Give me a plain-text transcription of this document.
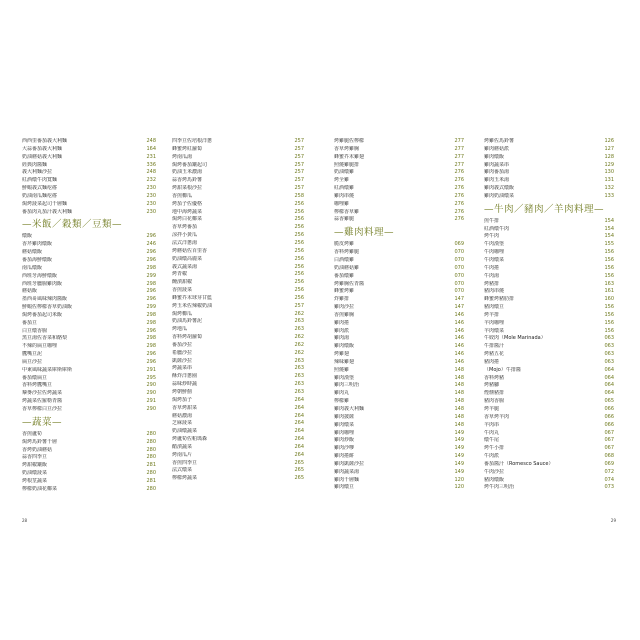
西西里番茄義大利麵	248
大蒜番茄義大利麵	164
奶油蘑菇義大利麵	231
經典肉醬麵	336
義大利麵沙拉	248
紅酒燉牛肉寬麵	232
鮮蝦義式麵疙瘩	230
奶油南瓜麵疙瘩	230
焗烤菠菜起司千層麵	230
番茄肉丸茄汁義大利麵	230
—米飯／穀類／豆類—
燉飯	296
香芹雞肉燉飯	246
蘑菇燉飯	296
番茄海鮮燉飯	296
南瓜燉飯	298
西班牙海鮮燉飯	299
西班牙臘腸雞肉飯	298
蘑菇飯	296
墨西哥風味辣肉醬飯	296
鮮蝦佐檸檬香草奶油飯	299
焗烤番茄起司米飯	298
番茄豆	298
白豆燉香腸	296
黑豆湯佐香菜和酪梨	298
不辣的扁豆咖哩	298
鷹嘴豆泥	296
扁豆沙拉	296
中東風味蔬菜庫斯庫斯	291
番茄燉扁豆	295
香料烤鷹嘴豆	290
藜麥沙拉佐烤蔬菜	290
烤蔬菜佐羅勒青醬	291
香草檸檬白豆沙拉	290
—蔬菜—
香煎蘆筍	280
焗烤馬鈴薯千層	280
香烤奶油蘑菇	280
蒜香四季豆	280
烤甜椒鑲飯	281
奶油燉菠菜	280
烤根莖蔬菜	281
檸檬奶油花椰菜	280
四季豆佐培根洋蔥	257
蜂蜜烤紅蘿蔔	257
烤南瓜湯	257
焗烤番茄鑲起司	257
奶油玉米濃湯	257
蒜香烤馬鈴薯	257
烤甜菜根沙拉	257
香煎櫛瓜	258
烤茄子佐優格	256
地中海烤蔬菜	256
焗烤白花椰菜	256
香草烤番茄	256
涼拌小黃瓜	256
法式洋蔥湯	256
烤蘑菇佐百里香	256
奶油燉高麗菜	256
義式蔬菜湯	256
烤青椒	256
醃漬甜椒	256
香煎菠菜	256
蜂蜜芥末球芽甘藍	256
烤玉米佐辣椒奶油	257
焗烤櫛瓜	262
奶油馬鈴薯泥	263
烤地瓜	263
香料烤胡蘿蔔	262
番茄沙拉	262
希臘沙拉	262
凱薩沙拉	263
烤蔬菜串	263
酥炸洋蔥圈	263
蒜味炒時蔬	263
烤朝鮮薊	263
焗烤茄子	264
香草烤甜菜	264
蘑菇濃湯	264
芝麻菠菜	264
奶油燉蔬菜	264
烤蘆筍佐帕瑪森	264
醋漬蔬菜	264
烤南瓜片	264
香煎四季豆	265
法式燉菜	265
檸檬烤蔬菜	265
28
烤雞腿佐檸檬	277
香草烤雞胸	277
蜂蜜芥末雞翅	277
照燒雞腿排	277
奶油燉雞	276
烤全雞	276
紅酒燉雞	276
雞肉串燒	276
咖哩雞	276
檸檬香草雞	276
蒜香雞腿	276
—雞肉料理—
脆皮烤雞	069
香料烤雞腿	070
白酒燉雞	070
奶油蘑菇雞	070
番茄燉雞	070
烤雞胸佐青醬	070
蜂蜜烤雞	070
炸雞排	147
雞肉沙拉	147
香煎雞胸	146
雞肉捲	146
雞肉派	146
雞肉湯	146
雞肉燉飯	146
烤雞翅	146
辣味雞翅	146
照燒雞	148
雞肉漢堡	148
雞肉三明治	148
雞肉丸	148
檸檬雞	148
雞肉義大利麵	148
雞肉披薩	148
雞肉燉菜	148
雞肉咖哩	149
雞肉炒飯	149
雞肉沙嗲	149
雞肉捲餅	149
雞肉凱薩沙拉	149
雞肉蔬菜湯	149
雞肉千層麵	120
雞肉燉豆	120
烤雞佐馬鈴薯	126
雞肉蘑菇派	127
雞肉燉飯	128
雞肉蔬菜串	129
雞肉番茄湯	130
雞肉玉米湯	131
雞肉義式燉飯	132
雞肉奶油燉菜	133
—牛肉／豬肉／羊肉料理—
煎牛排	154
紅酒燉牛肉	154
烤牛肉	154
牛肉漢堡	155
牛肉咖哩	156
牛肉燉菜	156
牛肉捲	156
牛肉湯	156
烤豬排	163
豬肉串燒	161
蜂蜜烤豬肋排	160
豬肉燉豆	156
烤羊排	156
羊肉咖哩	156
羊肉燉菜	156
牛絞肉（Mole Marinada）	063
牛排醬汁	063
烤豬五花	063
豬肉捲	063
（Mojo）牛排醬	064
香料烤豬	064
烤豬腳	064
煙燻豬排	064
豬肉香腸	065
烤羊腿	066
香草烤羊肉	066
羊肉串	066
牛肉丸	067
燉牛尾	067
烤牛小排	067
牛肉派	068
番茄醬汁（Romesco Sauce）	069
牛肉沙拉	072
豬肉燉飯	074
烤牛肉三明治	073
29
